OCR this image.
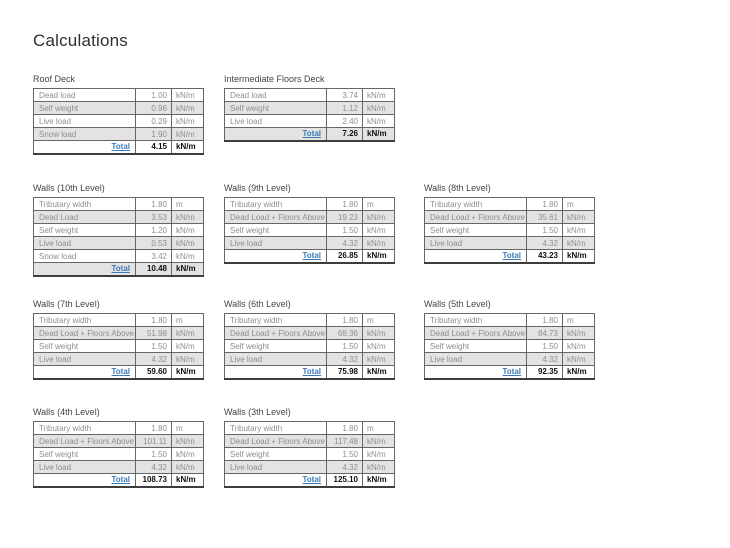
Calculations
Roof Deck
Dead load	1.00	kN/m
Self weight	0.96	kN/m
Live load	0.29	kN/m
Snow load	1.90	kN/m
Total	4.15	kN/m
Intermediate Floors Deck
Dead load	3.74	kN/m
Self weight	1.12	kN/m
Live load	2.40	kN/m
Total	7.26	kN/m
Walls (10th Level)
Tributary width	1.80	m
Dead Load	3.53	kN/m
Self weight	1.20	kN/m
Live load	0.53	kN/m
Snow load	3.42	kN/m
Total	10.48	kN/m
Walls (9th Level)
Tributary width	1.80	m
Dead Load + Floors Above	19.23	kN/m
Self weight	1.50	kN/m
Live load	4.32	kN/m
Total	26.85	kN/m
Walls (8th Level)
Tributary width	1.80	m
Dead Load + Floors Above	35.61	kN/m
Self weight	1.50	kN/m
Live load	4.32	kN/m
Total	43.23	kN/m
Walls (7th Level)
Tributary width	1.80	m
Dead Load + Floors Above	51.98	kN/m
Self weight	1.50	kN/m
Live load	4.32	kN/m
Total	59.60	kN/m
Walls (6th Level)
Tributary width	1.80	m
Dead Load + Floors Above	68.36	kN/m
Self weight	1.50	kN/m
Live load	4.32	kN/m
Total	75.98	kN/m
Walls (5th Level)
Tributary width	1.80	m
Dead Load + Floors Above	84.73	kN/m
Self weight	1.50	kN/m
Live load	4.32	kN/m
Total	92.35	kN/m
Walls (4th Level)
Tributary width	1.80	m
Dead Load + Floors Above	101.11	kN/m
Self weight	1.50	kN/m
Live load	4.32	kN/m
Total	108.73	kN/m
Walls (3th Level)
Tributary width	1.80	m
Dead Load + Floors Above	117.48	kN/m
Self weight	1.50	kN/m
Live load	4.32	kN/m
Total	125.10	kN/m
